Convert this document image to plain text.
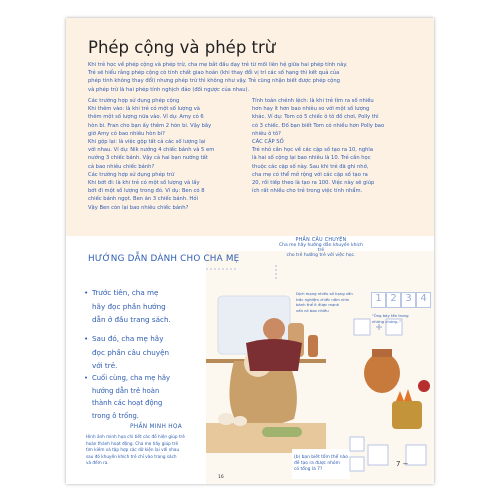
Phép cộng và phép trừ
Khi trẻ học về phép cộng và phép trừ, cha mẹ bắt đầu dạy trẻ từ mối liên hệ giữa hai phép tính này.
Trẻ sẽ hiểu rằng phép cộng có tính chất giao hoán (khi thay đổi vị trí các số hạng thì kết quả của
phép tính không thay đổi) nhưng phép trừ thì không như vậy. Trẻ cũng nhận biết được phép cộng
và phép trừ là hai phép tính nghịch đảo (đối ngược của nhau).
Các trường hợp sử dụng phép cộng
Khi thêm vào: là khi trẻ có một số lượng và
thêm một số lượng nữa vào. Ví dụ: Amy có 6
hòn bi. Fran cho bạn ấy thêm 2 hòn bi. Vậy bây
giờ Amy có bao nhiêu hòn bi?
Khi gộp lại: là việc gộp tất cả các số lượng lại
với nhau. Ví dụ: Nik nướng 4 chiếc bánh và 5 em
nướng 3 chiếc bánh. Vậy cả hai bạn nướng tất
cả bao nhiêu chiếc bánh?
Các trường hợp sử dụng phép trừ
Khi bớt đi: là khi trẻ có một số lượng và lấy
bớt đi một số lượng trong đó. Ví dụ: Ben có 8
chiếc bánh ngọt. Ben ăn 3 chiếc bánh. Hỏi
Vậy Ben còn lại bao nhiêu chiếc bánh?
Tính toán chênh lệch: là khi trẻ tìm ra số nhiều
hơn hay ít hơn bao nhiêu so với một số lượng
khác. Ví dụ: Tom có 5 chiếc ô tô đồ chơi, Polly thì
có 3 chiếc. Đố bạn biết Tom có nhiều hơn Polly bao
nhiêu ô tô?
CÁC CẶP SỐ
Trẻ nhỏ cần học về các cặp số tạo ra 10, nghĩa
là hai số cộng lại bao nhiêu là 10. Trẻ cần học
thuộc các cặp số này. Sau khi trẻ đã ghi nhớ,
cha mẹ có thể mở rộng với các cặp số tạo ra
20, rồi tiếp theo là tạo ra 100. Việc này sẽ giúp
ích rất nhiều cho trẻ trong việc tính nhẩm.
HƯỚNG DẪN DÀNH CHO CHA MẸ
• Trước tiên, cha mẹ
hãy đọc phần hướng
dẫn ở đầu trang sách.
• Sau đó, cha mẹ hãy
đọc phần câu chuyện
với trẻ.
• Cuối cùng, cha mẹ hãy
hướng dẫn trẻ hoàn
thành các hoạt động
trong ô trống.
PHẦN MINH HỌA
Hình ảnh minh họa chi tiết các đồ hiện giúp trẻ
hoàn thành hoạt động. Cha mẹ hãy giúp trẻ
tìm kiếm và tập hợp các dữ kiện lại với nhau
sau đó khuyến khích trẻ chỉ vào trang sách
và đếm ra.
PHẦN CÂU CHUYỆN
Cha mẹ hãy hướng dẫn khuyến khích trẻ
cho trẻ hướng trẻ với việc học.
Dịch mạng nhiều số hạng vấn
trắc nghiệm chiếc nấm nhìn
bánh thể ít được mạnh
vấn có bao nhiêu
"Ông bây tên trong
những chúng.."
1 2 3 4
(b) bạn biết tổm thể nào
đề tạo ra được nhóm
có tổng là 7?
7 −
16
